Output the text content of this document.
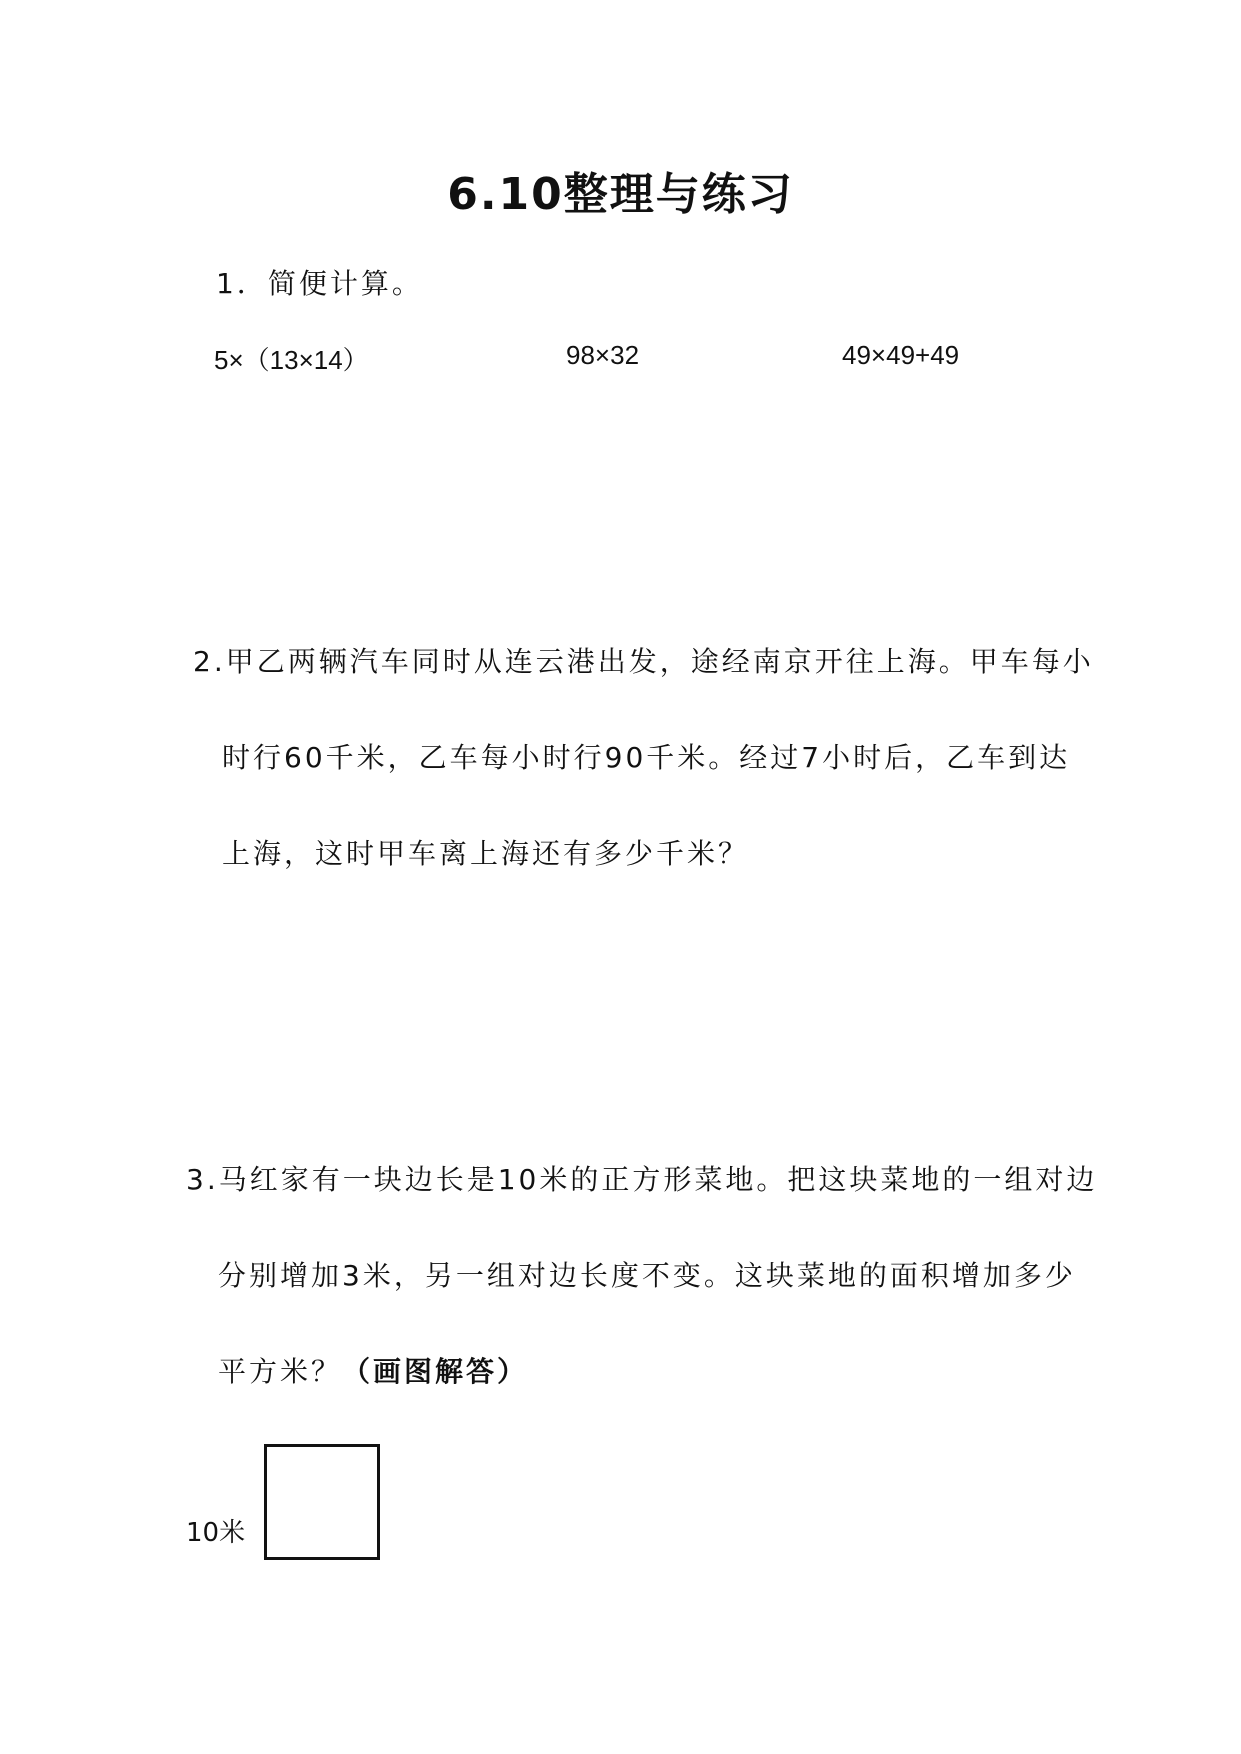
6.10整理与练习
1．简便计算。
5×（13×14）	98×32	49×49+49
2.甲乙两辆汽车同时从连云港出发，途经南京开往上海。甲车每小
时行60千米，乙车每小时行90千米。经过7小时后，乙车到达
上海，这时甲车离上海还有多少千米？
3.马红家有一块边长是10米的正方形菜地。把这块菜地的一组对边
分别增加3米，另一组对边长度不变。这块菜地的面积增加多少
平方米？（画图解答）
10米
